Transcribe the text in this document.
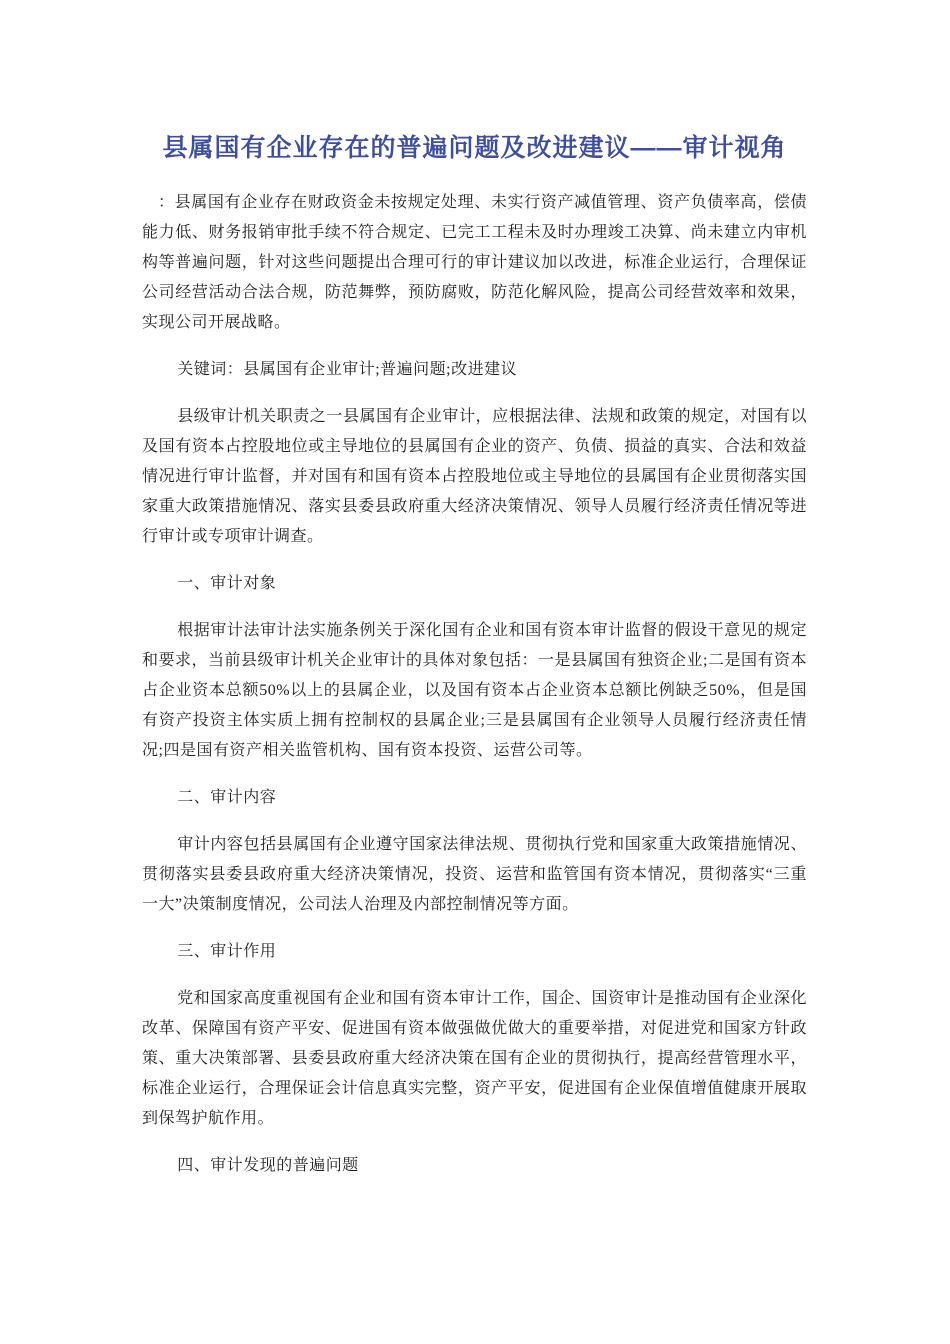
县属国有企业存在的普遍问题及改进建议——审计视角

：县属国有企业存在财政资金未按规定处理、未实行资产减值管理、资产负债率高，偿债能力低、财务报销审批手续不符合规定、已完工工程未及时办理竣工决算、尚未建立内审机构等普遍问题，针对这些问题提出合理可行的审计建议加以改进，标准企业运行，合理保证公司经营活动合法合规，防范舞弊，预防腐败，防范化解风险，提高公司经营效率和效果，实现公司开展战略。

关键词：县属国有企业审计;普遍问题;改进建议

县级审计机关职责之一县属国有企业审计，应根据法律、法规和政策的规定，对国有以及国有资本占控股地位或主导地位的县属国有企业的资产、负债、损益的真实、合法和效益情况进行审计监督，并对国有和国有资本占控股地位或主导地位的县属国有企业贯彻落实国家重大政策措施情况、落实县委县政府重大经济决策情况、领导人员履行经济责任情况等进行审计或专项审计调查。

一、审计对象

根据审计法审计法实施条例关于深化国有企业和国有资本审计监督的假设干意见的规定和要求，当前县级审计机关企业审计的具体对象包括：一是县属国有独资企业;二是国有资本占企业资本总额50%以上的县属企业，以及国有资本占企业资本总额比例缺乏50%，但是国有资产投资主体实质上拥有控制权的县属企业;三是县属国有企业领导人员履行经济责任情况;四是国有资产相关监管机构、国有资本投资、运营公司等。

二、审计内容

审计内容包括县属国有企业遵守国家法律法规、贯彻执行党和国家重大政策措施情况、贯彻落实县委县政府重大经济决策情况，投资、运营和监管国有资本情况，贯彻落实“三重一大”决策制度情况，公司法人治理及内部控制情况等方面。

三、审计作用

党和国家高度重视国有企业和国有资本审计工作，国企、国资审计是推动国有企业深化改革、保障国有资产平安、促进国有资本做强做优做大的重要举措，对促进党和国家方针政策、重大决策部署、县委县政府重大经济决策在国有企业的贯彻执行，提高经营管理水平，标准企业运行，合理保证会计信息真实完整，资产平安，促进国有企业保值增值健康开展取到保驾护航作用。

四、审计发现的普遍问题
